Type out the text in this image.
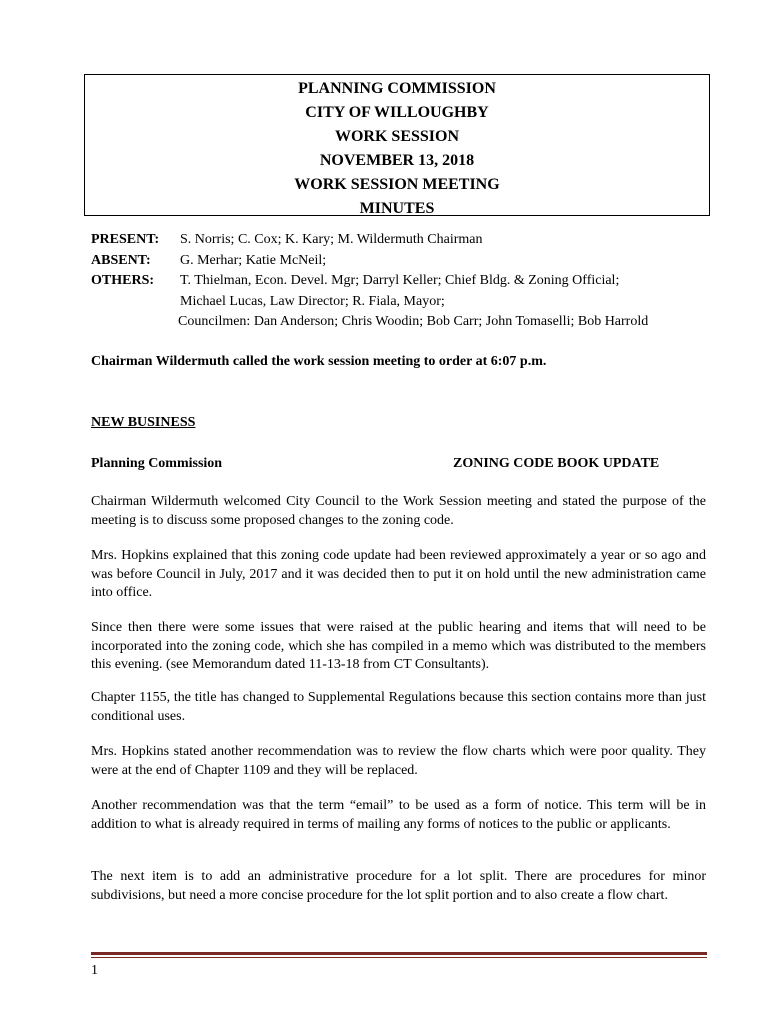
PLANNING COMMISSION
CITY OF WILLOUGHBY
WORK SESSION
NOVEMBER 13, 2018
WORK SESSION MEETING
MINUTES
PRESENT: S. Norris; C. Cox; K. Kary; M. Wildermuth Chairman
ABSENT: G. Merhar; Katie McNeil;
OTHERS: T. Thielman, Econ. Devel. Mgr; Darryl Keller; Chief Bldg. & Zoning Official;
Michael Lucas, Law Director; R. Fiala, Mayor;
Councilmen: Dan Anderson; Chris Woodin; Bob Carr; John Tomaselli; Bob Harrold
Chairman Wildermuth called the work session meeting to order at 6:07 p.m.
NEW BUSINESS
Planning Commission	ZONING CODE BOOK UPDATE
Chairman Wildermuth welcomed City Council to the Work Session meeting and stated the purpose of the meeting is to discuss some proposed changes to the zoning code.
Mrs. Hopkins explained that this zoning code update had been reviewed approximately a year or so ago and was before Council in July, 2017 and it was decided then to put it on hold until the new administration came into office.
Since then there were some issues that were raised at the public hearing and items that will need to be incorporated into the zoning code, which she has compiled in a memo which was distributed to the members this evening. (see Memorandum dated 11-13-18 from CT Consultants).
Chapter 1155, the title has changed to Supplemental Regulations because this section contains more than just conditional uses.
Mrs. Hopkins stated another recommendation was to review the flow charts which were poor quality. They were at the end of Chapter 1109 and they will be replaced.
Another recommendation was that the term “email” to be used as a form of notice. This term will be in addition to what is already required in terms of mailing any forms of notices to the public or applicants.
The next item is to add an administrative procedure for a lot split. There are procedures for minor subdivisions, but need a more concise procedure for the lot split portion and to also create a flow chart.
1
